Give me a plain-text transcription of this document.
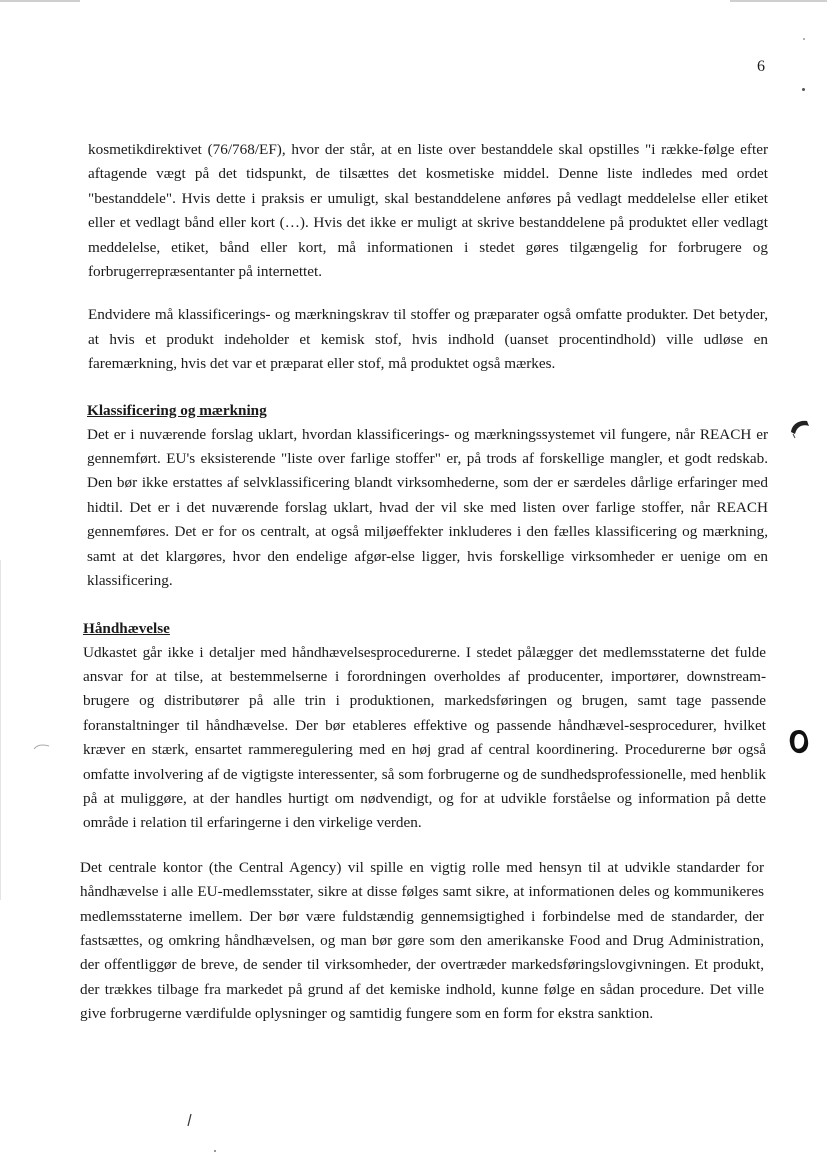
6

kosmetikdirektivet (76/768/EF), hvor der står, at en liste over bestanddele skal opstilles "i række-følge efter aftagende vægt på det tidspunkt, de tilsættes det kosmetiske middel. Denne liste indledes med ordet "bestanddele". Hvis dette i praksis er umuligt, skal bestanddelene anføres på vedlagt meddelelse eller etiket eller et vedlagt bånd eller kort (…). Hvis det ikke er muligt at skrive bestanddelene på produktet eller vedlagt meddelelse, etiket, bånd eller kort, må informationen i stedet gøres tilgængelig for forbrugere og forbrugerrepræsentanter på internettet.

Endvidere må klassificerings- og mærkningskrav til stoffer og præparater også omfatte produkter. Det betyder, at hvis et produkt indeholder et kemisk stof, hvis indhold (uanset procentindhold) ville udløse en faremærkning, hvis det var et præparat eller stof, må produktet også mærkes.

Klassificering og mærkning

Det er i nuværende forslag uklart, hvordan klassificerings- og mærkningssystemet vil fungere, når REACH er gennemført. EU's eksisterende "liste over farlige stoffer" er, på trods af forskellige mangler, et godt redskab. Den bør ikke erstattes af selvklassificering blandt virksomhederne, som der er særdeles dårlige erfaringer med hidtil. Det er i det nuværende forslag uklart, hvad der vil ske med listen over farlige stoffer, når REACH gennemføres. Det er for os centralt, at også miljøeffekter inkluderes i den fælles klassificering og mærkning, samt at det klargøres, hvor den endelige afgør-else ligger, hvis forskellige virksomheder er uenige om en klassificering.

Håndhævelse

Udkastet går ikke i detaljer med håndhævelsesprocedurerne. I stedet pålægger det medlemsstaterne det fulde ansvar for at tilse, at bestemmelserne i forordningen overholdes af producenter, importører, downstream-brugere og distributører på alle trin i produktionen, markedsføringen og brugen, samt tage passende foranstaltninger til håndhævelse. Der bør etableres effektive og passende håndhævel-sesprocedurer, hvilket kræver en stærk, ensartet rammeregulering med en høj grad af central koordinering. Procedurerne bør også omfatte involvering af de vigtigste interessenter, så som forbrugerne og de sundhedsprofessionelle, med henblik på at muliggøre, at der handles hurtigt om nødvendigt, og for at udvikle forståelse og information på dette område i relation til erfaringerne i den virkelige verden.

Det centrale kontor (the Central Agency) vil spille en vigtig rolle med hensyn til at udvikle standarder for håndhævelse i alle EU-medlemsstater, sikre at disse følges samt sikre, at informationen deles og kommunikeres medlemsstaterne imellem. Der bør være fuldstændig gennemsigtighed i forbindelse med de standarder, der fastsættes, og omkring håndhævelsen, og man bør gøre som den amerikanske Food and Drug Administration, der offentliggør de breve, de sender til virksomheder, der overtræder markedsføringslovgivningen. Et produkt, der trækkes tilbage fra markedet på grund af det kemiske indhold, kunne følge en sådan procedure. Det ville give forbrugerne værdifulde oplysninger og samtidig fungere som en form for ekstra sanktion.
